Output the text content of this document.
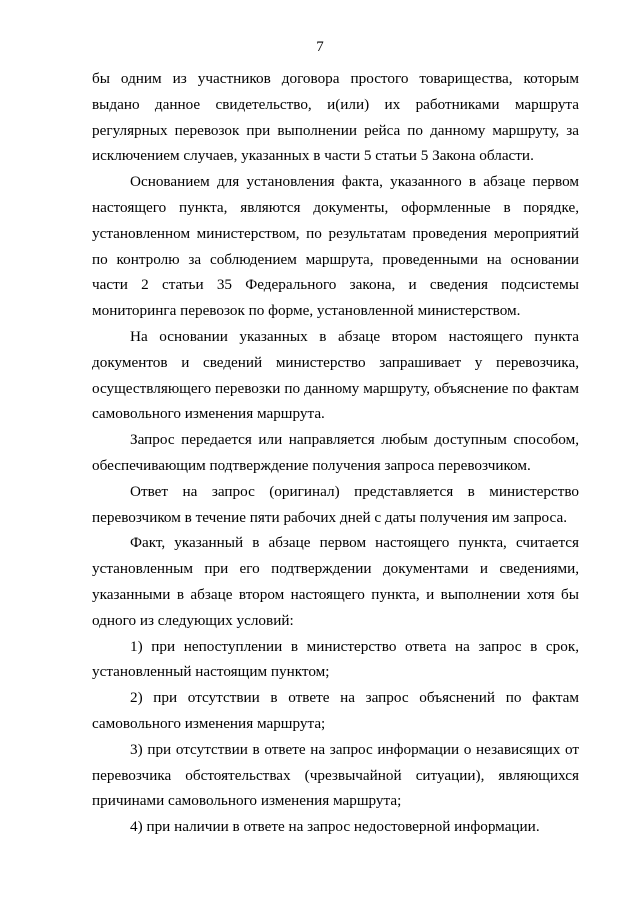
7

бы одним из участников договора простого товарищества, которым выдано данное свидетельство, и(или) их работниками маршрута регулярных перевозок при выполнении рейса по данному маршруту, за исключением случаев, указанных в части 5 статьи 5 Закона области.

Основанием для установления факта, указанного в абзаце первом настоящего пункта, являются документы, оформленные в порядке, установленном министерством, по результатам проведения мероприятий по контролю за соблюдением маршрута, проведенными на основании части 2 статьи 35 Федерального закона, и сведения подсистемы мониторинга перевозок по форме, установленной министерством.

На основании указанных в абзаце втором настоящего пункта документов и сведений министерство запрашивает у перевозчика, осуществляющего перевозки по данному маршруту, объяснение по фактам самовольного изменения маршрута.

Запрос передается или направляется любым доступным способом, обеспечивающим подтверждение получения запроса перевозчиком.

Ответ на запрос (оригинал) представляется в министерство перевозчиком в течение пяти рабочих дней с даты получения им запроса.

Факт, указанный в абзаце первом настоящего пункта, считается установленным при его подтверждении документами и сведениями, указанными в абзаце втором настоящего пункта, и выполнении хотя бы одного из следующих условий:

1) при непоступлении в министерство ответа на запрос в срок, установленный настоящим пунктом;

2) при отсутствии в ответе на запрос объяснений по фактам самовольного изменения маршрута;

3) при отсутствии в ответе на запрос информации о независящих от перевозчика обстоятельствах (чрезвычайной ситуации), являющихся причинами самовольного изменения маршрута;

4) при наличии в ответе на запрос недостоверной информации.
